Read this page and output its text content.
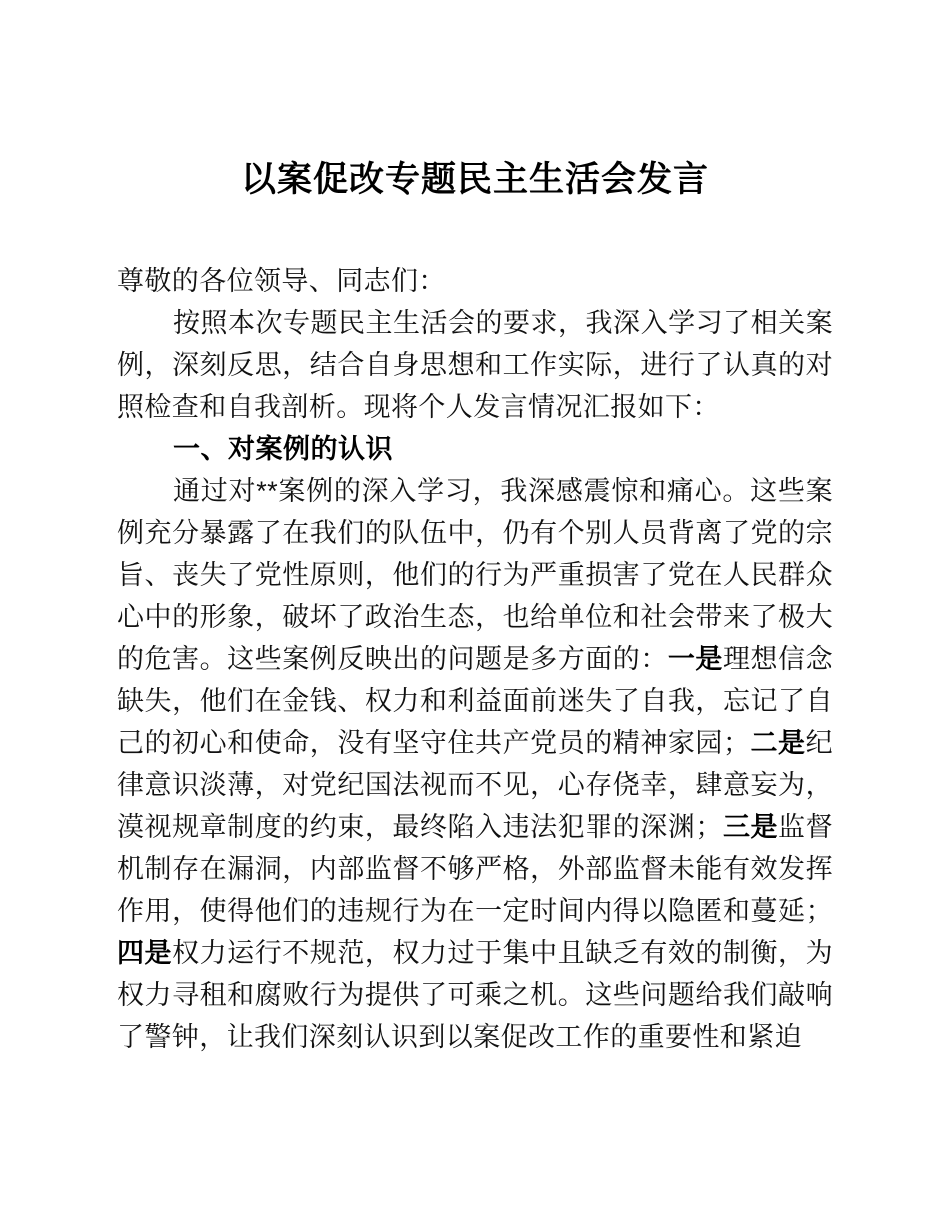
以案促改专题民主生活会发言

尊敬的各位领导、同志们：

按照本次专题民主生活会的要求，我深入学习了相关案例，深刻反思，结合自身思想和工作实际，进行了认真的对照检查和自我剖析。现将个人发言情况汇报如下：

一、对案例的认识

通过对**案例的深入学习，我深感震惊和痛心。这些案例充分暴露了在我们的队伍中，仍有个别人员背离了党的宗旨、丧失了党性原则，他们的行为严重损害了党在人民群众心中的形象，破坏了政治生态，也给单位和社会带来了极大的危害。这些案例反映出的问题是多方面的：一是理想信念缺失，他们在金钱、权力和利益面前迷失了自我，忘记了自己的初心和使命，没有坚守住共产党员的精神家园；二是纪律意识淡薄，对党纪国法视而不见，心存侥幸，肆意妄为，漠视规章制度的约束，最终陷入违法犯罪的深渊；三是监督机制存在漏洞，内部监督不够严格，外部监督未能有效发挥作用，使得他们的违规行为在一定时间内得以隐匿和蔓延；四是权力运行不规范，权力过于集中且缺乏有效的制衡，为权力寻租和腐败行为提供了可乘之机。这些问题给我们敲响了警钟，让我们深刻认识到以案促改工作的重要性和紧迫
